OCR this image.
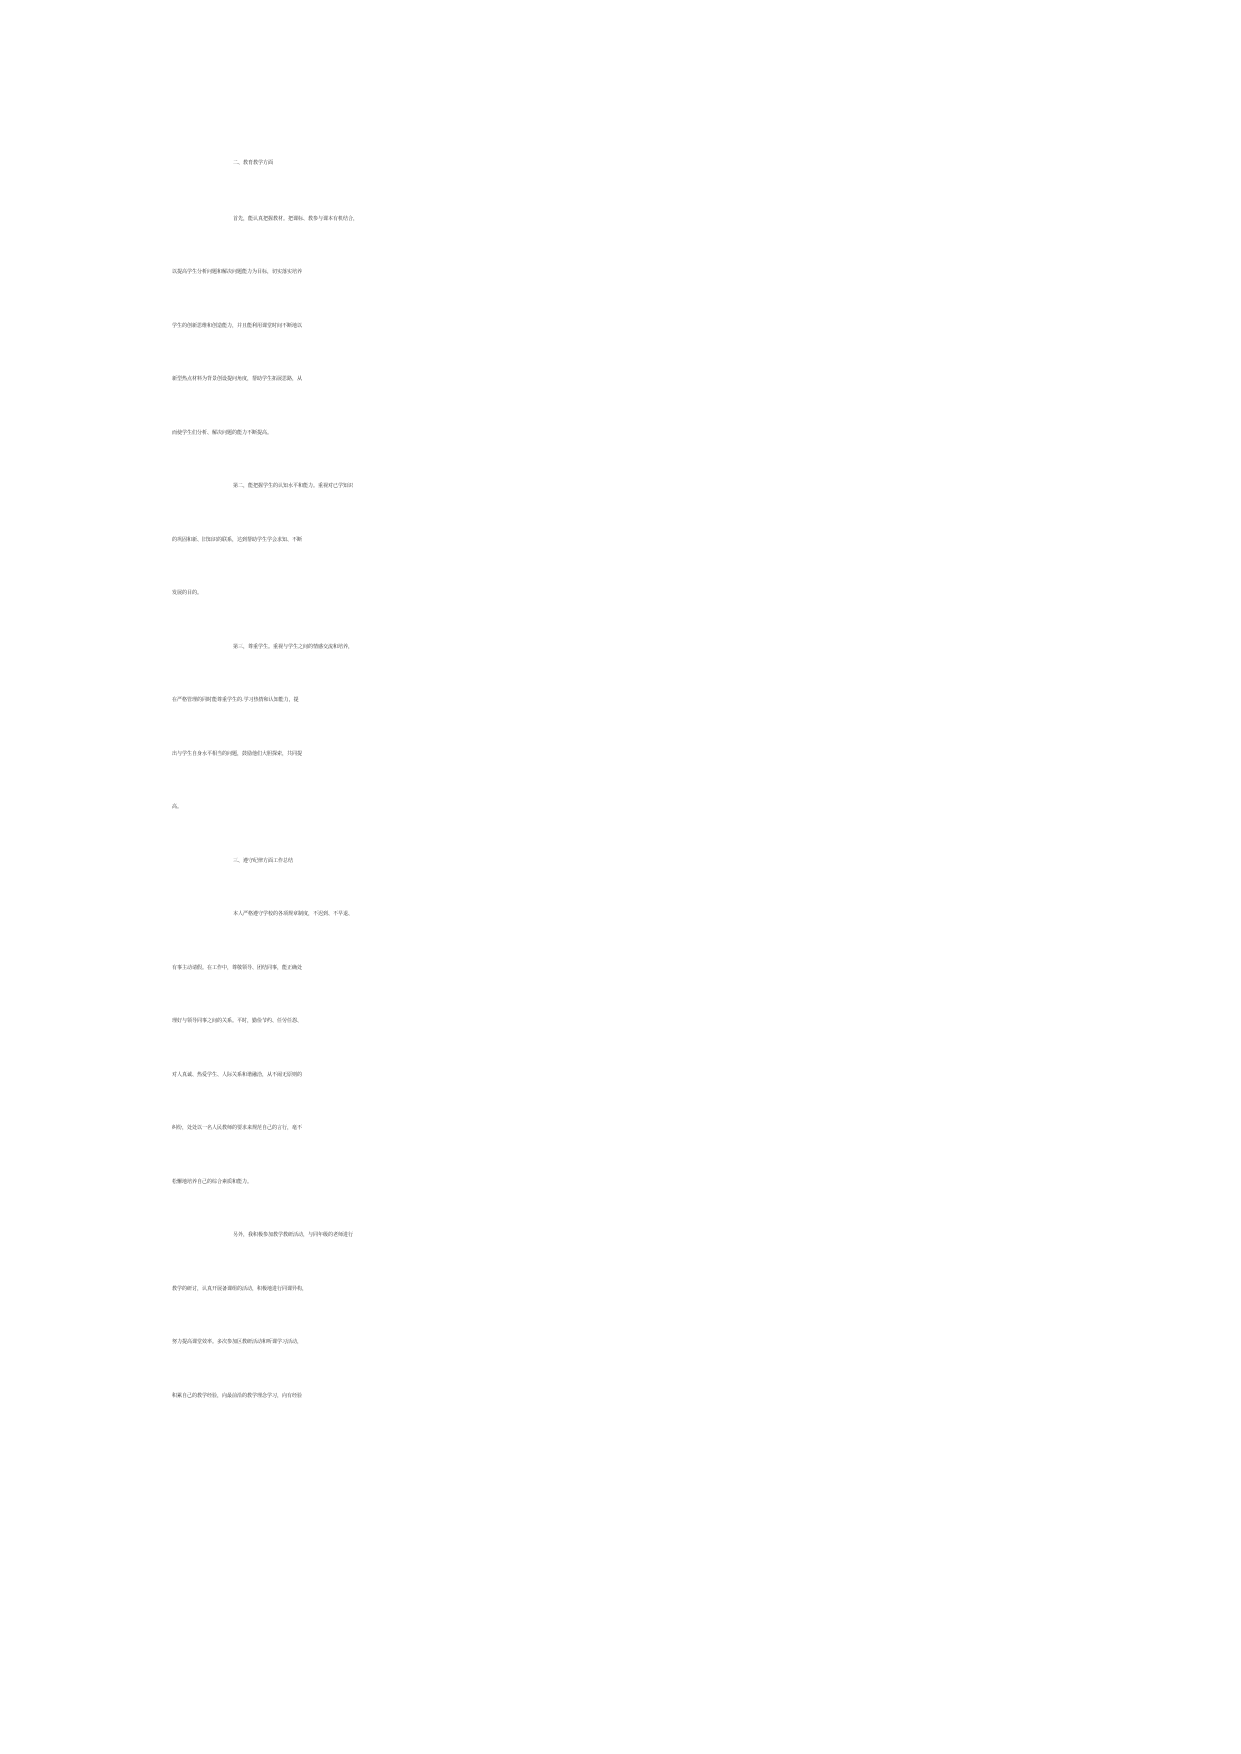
二、教育教学方面

首先，能认真把握教材。把课标、教参与课本有机结合，

以提高学生分析问题和解决问题能力为目标，切实落实培养

学生的创新思维和创造能力，并且能利用课堂时间不断地以

新型热点材料为背景创设提问角度，帮助学生拓展思路，从

而使学生们分析、解决问题的能力不断提高。

第二，能把握学生的认知水平和能力。重视对已学知识

的巩固和新、旧知识的联系，达到帮助学生学会求知、不断

发展的目的。

第三，尊重学生。重视与学生之间的情感交流和培养，

在严格管理的同时能尊重学生的.学习热情和认知能力，提

出与学生自身水平相当的问题，鼓励他们大胆探索，共同提

高。

三、遵守纪律方面工作总结

本人严格遵守学校的各项规章制度，不迟到、不早退、

有事主动请假。在工作中，尊敬领导、团结同事，能正确处

理好与领导同事之间的关系。平时，勤俭节约、任劳任怨、

对人真诚、热爱学生、人际关系和谐融洽，从不闹无原则的

纠纷，处处以一名人民教师的要求来规范自己的言行，毫不

松懈地培养自己的综合素质和能力。

另外，我积极参加教学教研活动，与同年级的老师进行

教学的研讨，认真开展备课组的活动，积极地进行同课异构，

努力提高课堂效率。多次参加区教研活动和听课学习活动，

积累自己的教学经验，向最前沿的教学理念学习，向有经验
